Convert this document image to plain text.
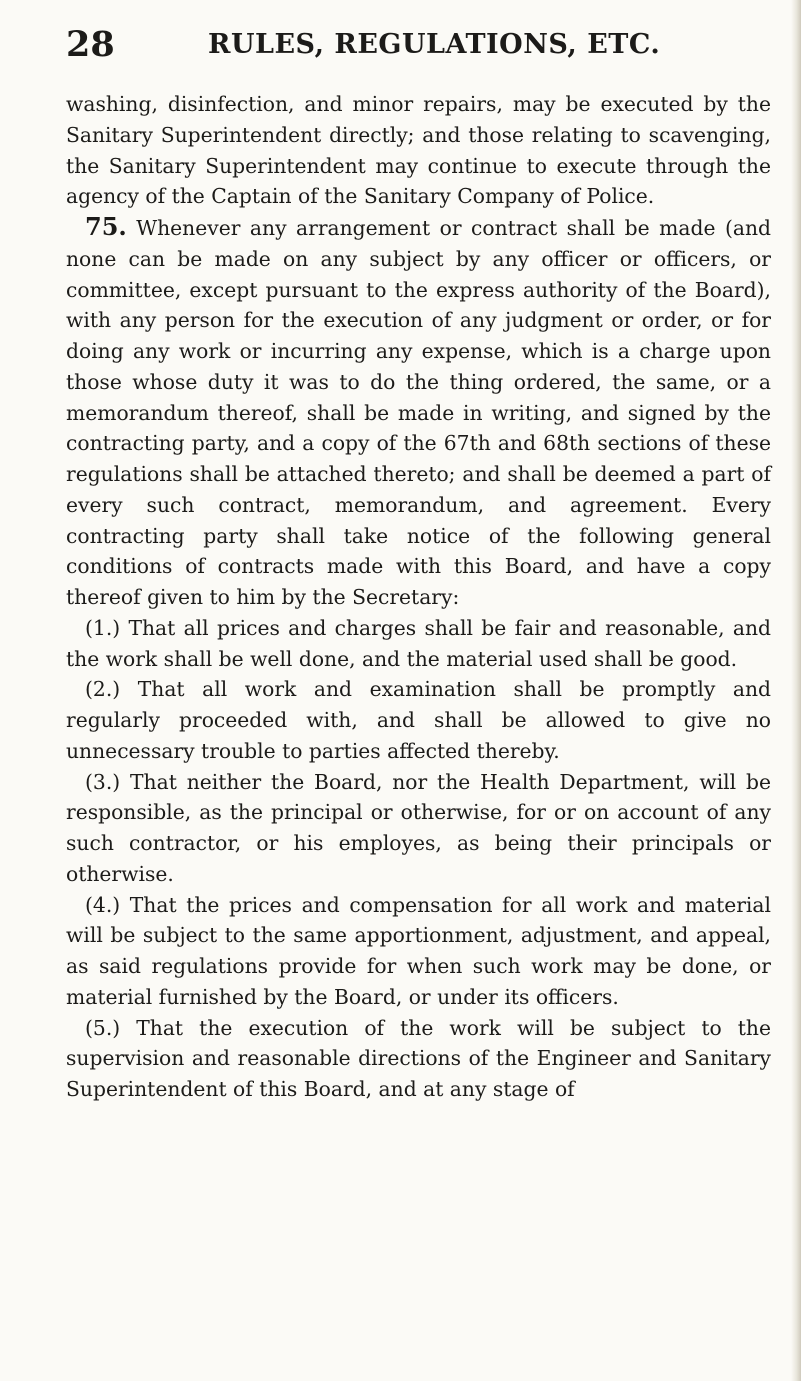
28	RULES, REGULATIONS, ETC.

washing, disinfection, and minor repairs, may be executed by the Sanitary Superintendent directly; and those relating to scavenging, the Sanitary Superintendent may continue to execute through the agency of the Captain of the Sanitary Company of Police.

75. Whenever any arrangement or contract shall be made (and none can be made on any subject by any officer or officers, or committee, except pursuant to the express authority of the Board), with any person for the execution of any judgment or order, or for doing any work or incurring any expense, which is a charge upon those whose duty it was to do the thing ordered, the same, or a memorandum thereof, shall be made in writing, and signed by the contracting party, and a copy of the 67th and 68th sections of these regulations shall be attached thereto; and shall be deemed a part of every such contract, memorandum, and agreement. Every contracting party shall take notice of the following general conditions of contracts made with this Board, and have a copy thereof given to him by the Secretary:

(1.) That all prices and charges shall be fair and reasonable, and the work shall be well done, and the material used shall be good.

(2.) That all work and examination shall be promptly and regularly proceeded with, and shall be allowed to give no unnecessary trouble to parties affected thereby.

(3.) That neither the Board, nor the Health Department, will be responsible, as the principal or otherwise, for or on account of any such contractor, or his employes, as being their principals or otherwise.

(4.) That the prices and compensation for all work and material will be subject to the same apportionment, adjustment, and appeal, as said regulations provide for when such work may be done, or material furnished by the Board, or under its officers.

(5.) That the execution of the work will be subject to the supervision and reasonable directions of the Engineer and Sanitary Superintendent of this Board, and at any stage of
